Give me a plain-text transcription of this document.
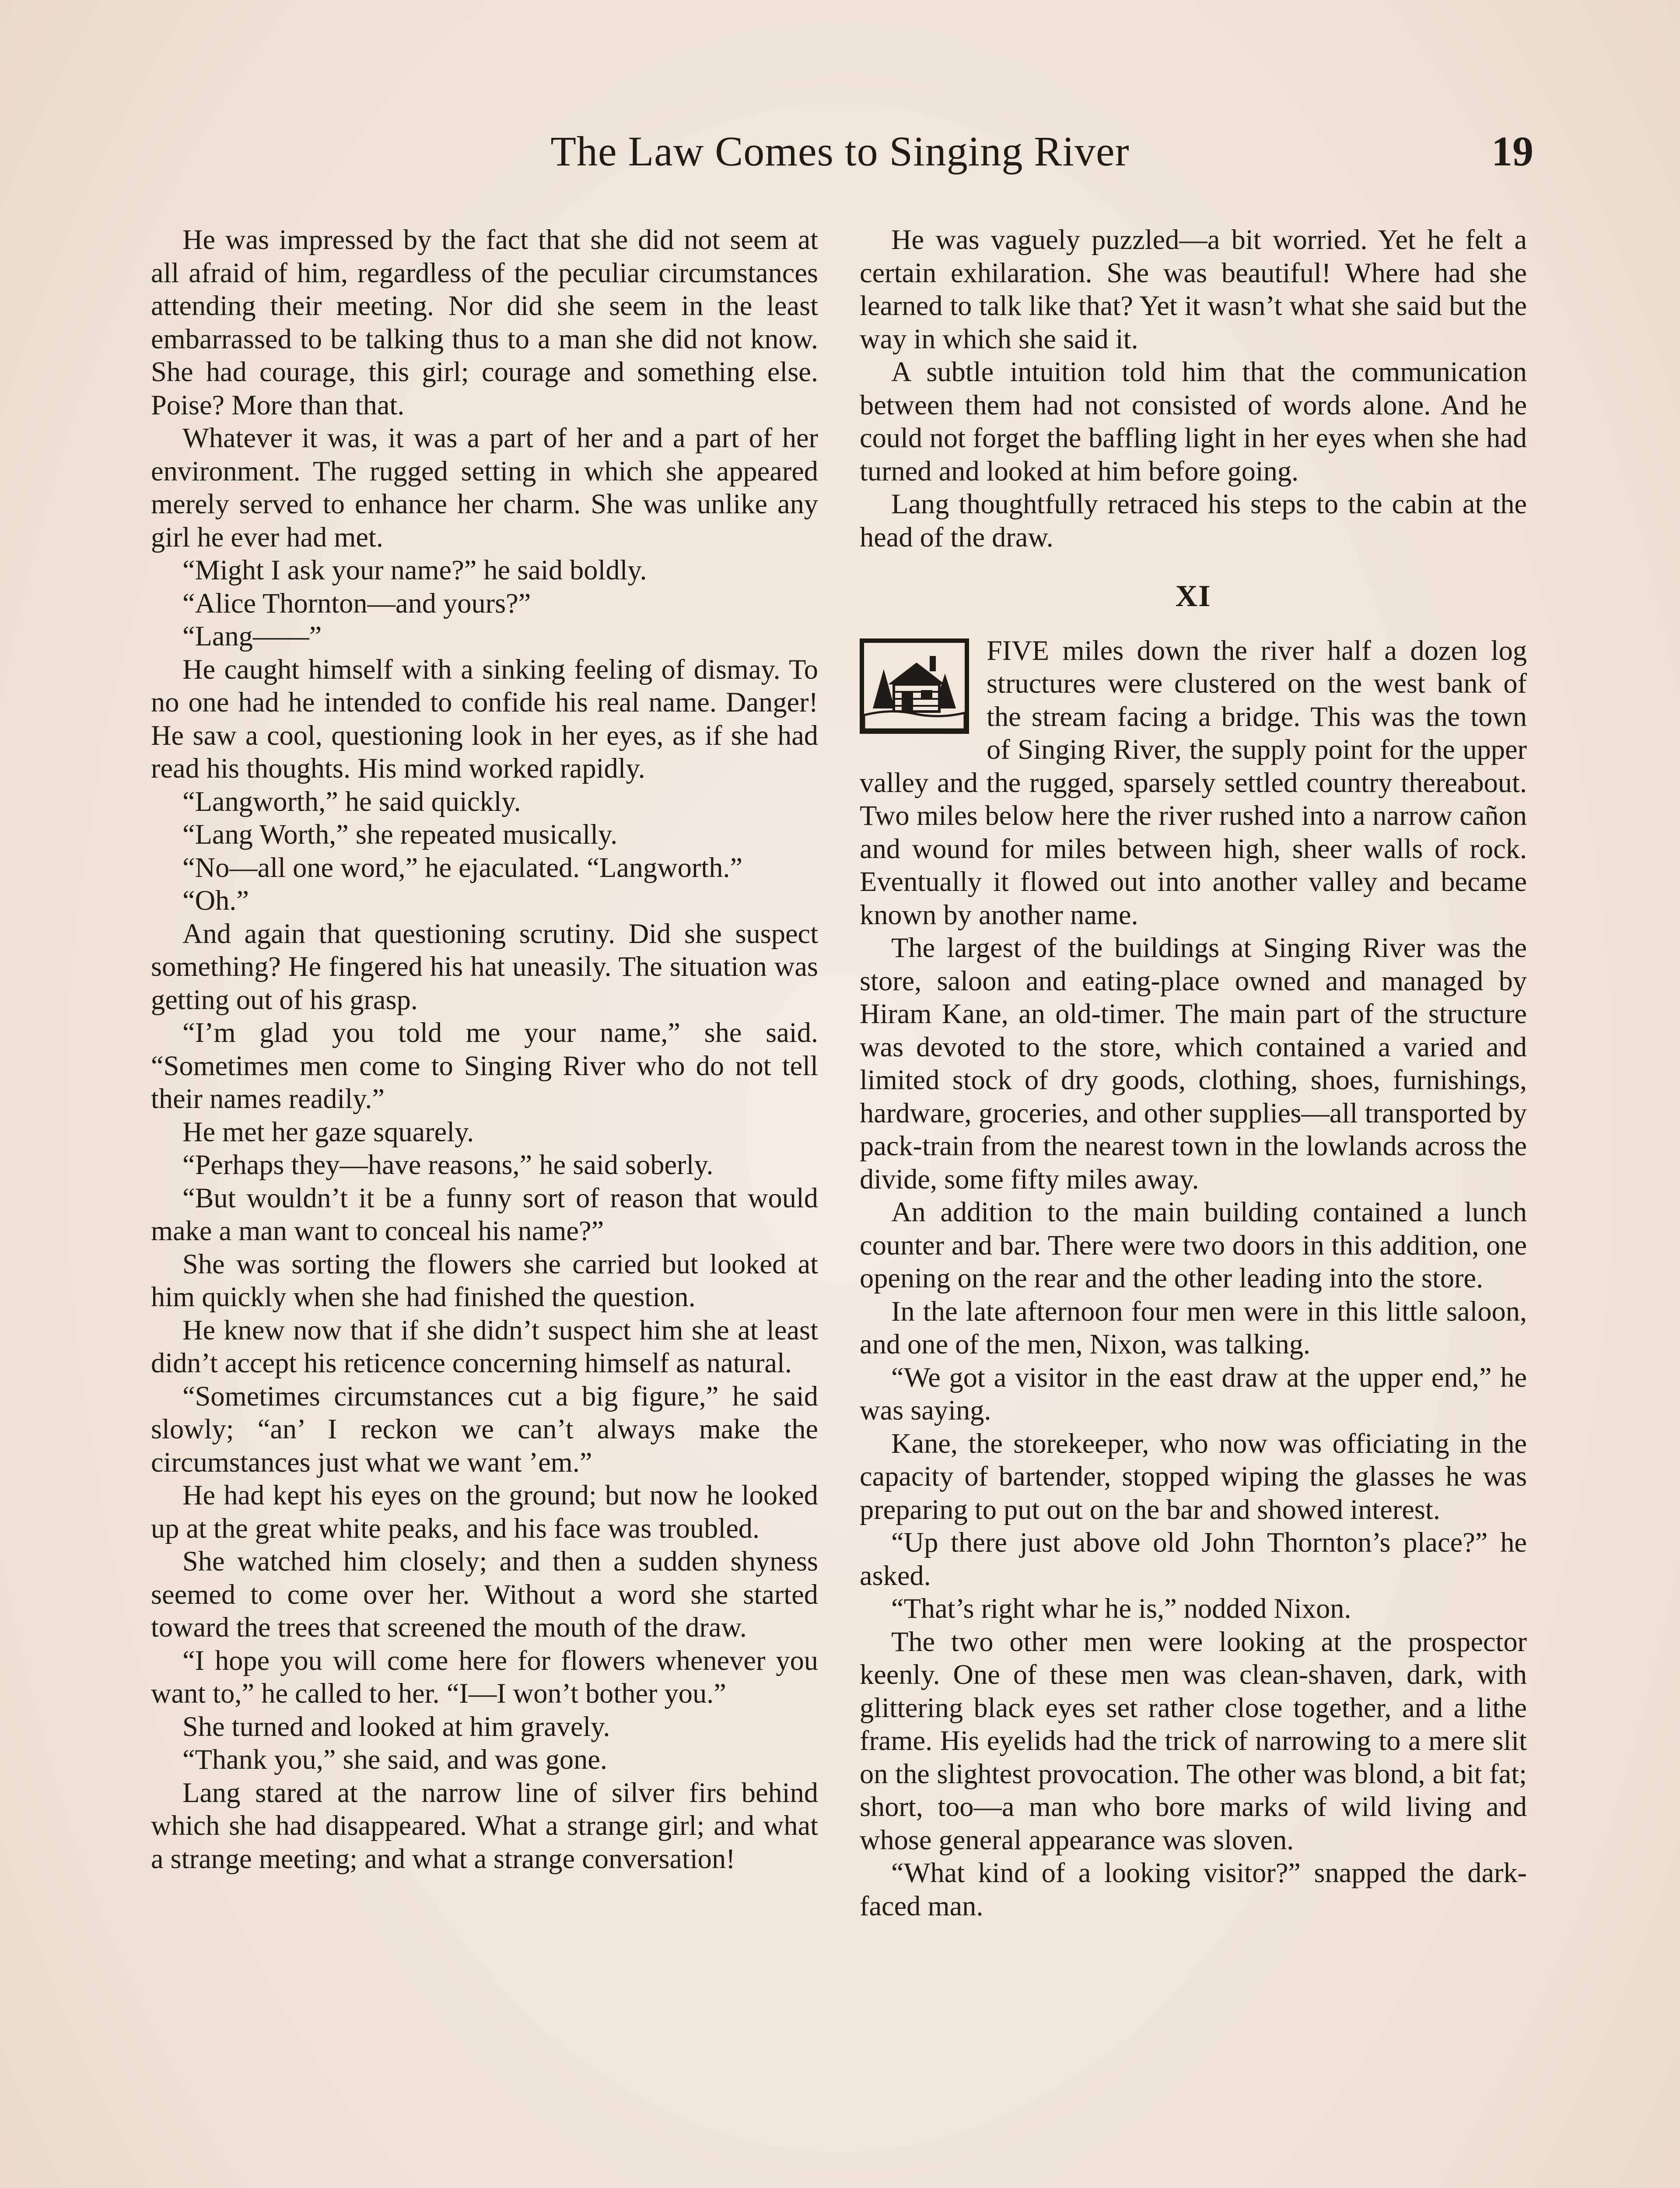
The Law Comes to Singing River	19

He was impressed by the fact that she did not seem at all afraid of him, regardless of the peculiar circumstances attending their meeting. Nor did she seem in the least embarrassed to be talking thus to a man she did not know. She had courage, this girl; courage and something else. Poise? More than that.

Whatever it was, it was a part of her and a part of her environment. The rugged setting in which she appeared merely served to enhance her charm. She was unlike any girl he ever had met.

“Might I ask your name?” he said boldly.

“Alice Thornton—and yours?”

“Lang——”

He caught himself with a sinking feeling of dismay. To no one had he intended to confide his real name. Danger! He saw a cool, questioning look in her eyes, as if she had read his thoughts. His mind worked rapidly.

“Langworth,” he said quickly.

“Lang Worth,” she repeated musically.

“No—all one word,” he ejaculated. “Langworth.”

“Oh.”

And again that questioning scrutiny. Did she suspect something? He fingered his hat uneasily. The situation was getting out of his grasp.

“I’m glad you told me your name,” she said. “Sometimes men come to Singing River who do not tell their names readily.”

He met her gaze squarely.

“Perhaps they—have reasons,” he said soberly.

“But wouldn’t it be a funny sort of reason that would make a man want to conceal his name?”

She was sorting the flowers she carried but looked at him quickly when she had finished the question.

He knew now that if she didn’t suspect him she at least didn’t accept his reticence concerning himself as natural.

“Sometimes circumstances cut a big figure,” he said slowly; “an’ I reckon we can’t always make the circumstances just what we want ’em.”

He had kept his eyes on the ground; but now he looked up at the great white peaks, and his face was troubled.

She watched him closely; and then a sudden shyness seemed to come over her. Without a word she started toward the trees that screened the mouth of the draw.

“I hope you will come here for flowers whenever you want to,” he called to her. “I—I won’t bother you.”

She turned and looked at him gravely.

“Thank you,” she said, and was gone.

Lang stared at the narrow line of silver firs behind which she had disappeared. What a strange girl; and what a strange meeting; and what a strange conversation!

He was vaguely puzzled—a bit worried. Yet he felt a certain exhilaration. She was beautiful! Where had she learned to talk like that? Yet it wasn’t what she said but the way in which she said it.

A subtle intuition told him that the communication between them had not consisted of words alone. And he could not forget the baffling light in her eyes when she had turned and looked at him before going.

Lang thoughtfully retraced his steps to the cabin at the head of the draw.

XI

FIVE miles down the river half a dozen log structures were clustered on the west bank of the stream facing a bridge. This was the town of Singing River, the supply point for the upper valley and the rugged, sparsely settled country thereabout. Two miles below here the river rushed into a narrow cañon and wound for miles between high, sheer walls of rock. Eventually it flowed out into another valley and became known by another name.

The largest of the buildings at Singing River was the store, saloon and eating-place owned and managed by Hiram Kane, an old-timer. The main part of the structure was devoted to the store, which contained a varied and limited stock of dry goods, clothing, shoes, furnishings, hardware, groceries, and other supplies—all transported by pack-train from the nearest town in the lowlands across the divide, some fifty miles away.

An addition to the main building contained a lunch counter and bar. There were two doors in this addition, one opening on the rear and the other leading into the store.

In the late afternoon four men were in this little saloon, and one of the men, Nixon, was talking.

“We got a visitor in the east draw at the upper end,” he was saying.

Kane, the storekeeper, who now was officiating in the capacity of bartender, stopped wiping the glasses he was preparing to put out on the bar and showed interest.

“Up there just above old John Thornton’s place?” he asked.

“That’s right whar he is,” nodded Nixon.

The two other men were looking at the prospector keenly. One of these men was clean-shaven, dark, with glittering black eyes set rather close together, and a lithe frame. His eyelids had the trick of narrowing to a mere slit on the slightest provocation. The other was blond, a bit fat; short, too—a man who bore marks of wild living and whose general appearance was sloven.

“What kind of a looking visitor?” snapped the dark-faced man.
